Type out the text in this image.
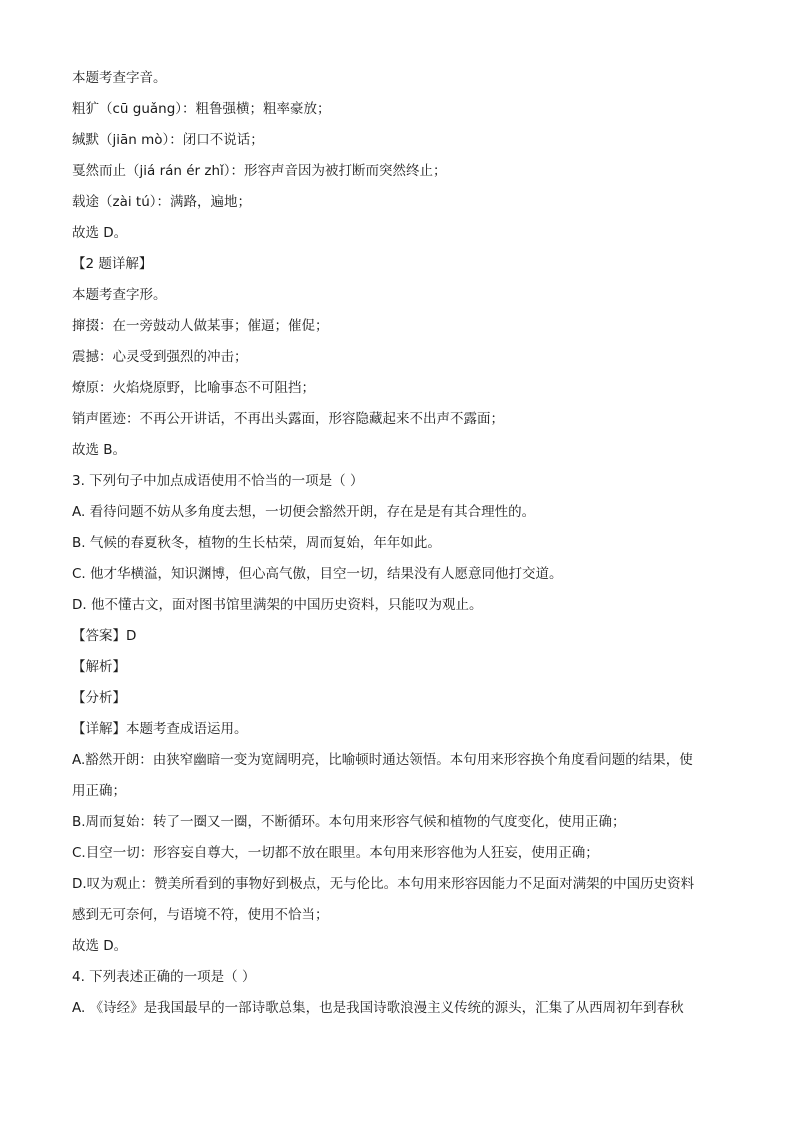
本题考查字音。

粗犷（cū guǎng）：粗鲁强横；粗率豪放；

缄默（jiān mò）：闭口不说话；

戛然而止（jiá rán ér zhǐ）：形容声音因为被打断而突然终止；

载途（zài tú）：满路，遍地；

故选 D。

【2 题详解】

本题考查字形。

撺掇：在一旁鼓动人做某事；催逼；催促；

震撼：心灵受到强烈的冲击；

燎原：火焰烧原野，比喻事态不可阻挡；

销声匿迹：不再公开讲话，不再出头露面，形容隐藏起来不出声不露面；

故选 B。

3. 下列句子中加点成语使用不恰当的一项是（ ）

A. 看待问题不妨从多角度去想，一切便会豁然开朗，存在是是有其合理性的。

B. 气候的春夏秋冬，植物的生长枯荣，周而复始，年年如此。

C. 他才华横溢，知识渊博，但心高气傲，目空一切，结果没有人愿意同他打交道。

D. 他不懂古文，面对图书馆里满架的中国历史资料，只能叹为观止。

【答案】D

【解析】

【分析】

【详解】本题考查成语运用。

A.豁然开朗：由狭窄幽暗一变为宽阔明亮，比喻顿时通达领悟。本句用来形容换个角度看问题的结果，使

用正确；

B.周而复始：转了一圈又一圈，不断循环。本句用来形容气候和植物的气度变化，使用正确；

C.目空一切：形容妄自尊大，一切都不放在眼里。本句用来形容他为人狂妄，使用正确；

D.叹为观止：赞美所看到的事物好到极点，无与伦比。本句用来形容因能力不足面对满架的中国历史资料

感到无可奈何，与语境不符，使用不恰当；

故选 D。

4. 下列表述正确的一项是（ ）

A. 《诗经》是我国最早的一部诗歌总集，也是我国诗歌浪漫主义传统的源头，汇集了从西周初年到春秋
